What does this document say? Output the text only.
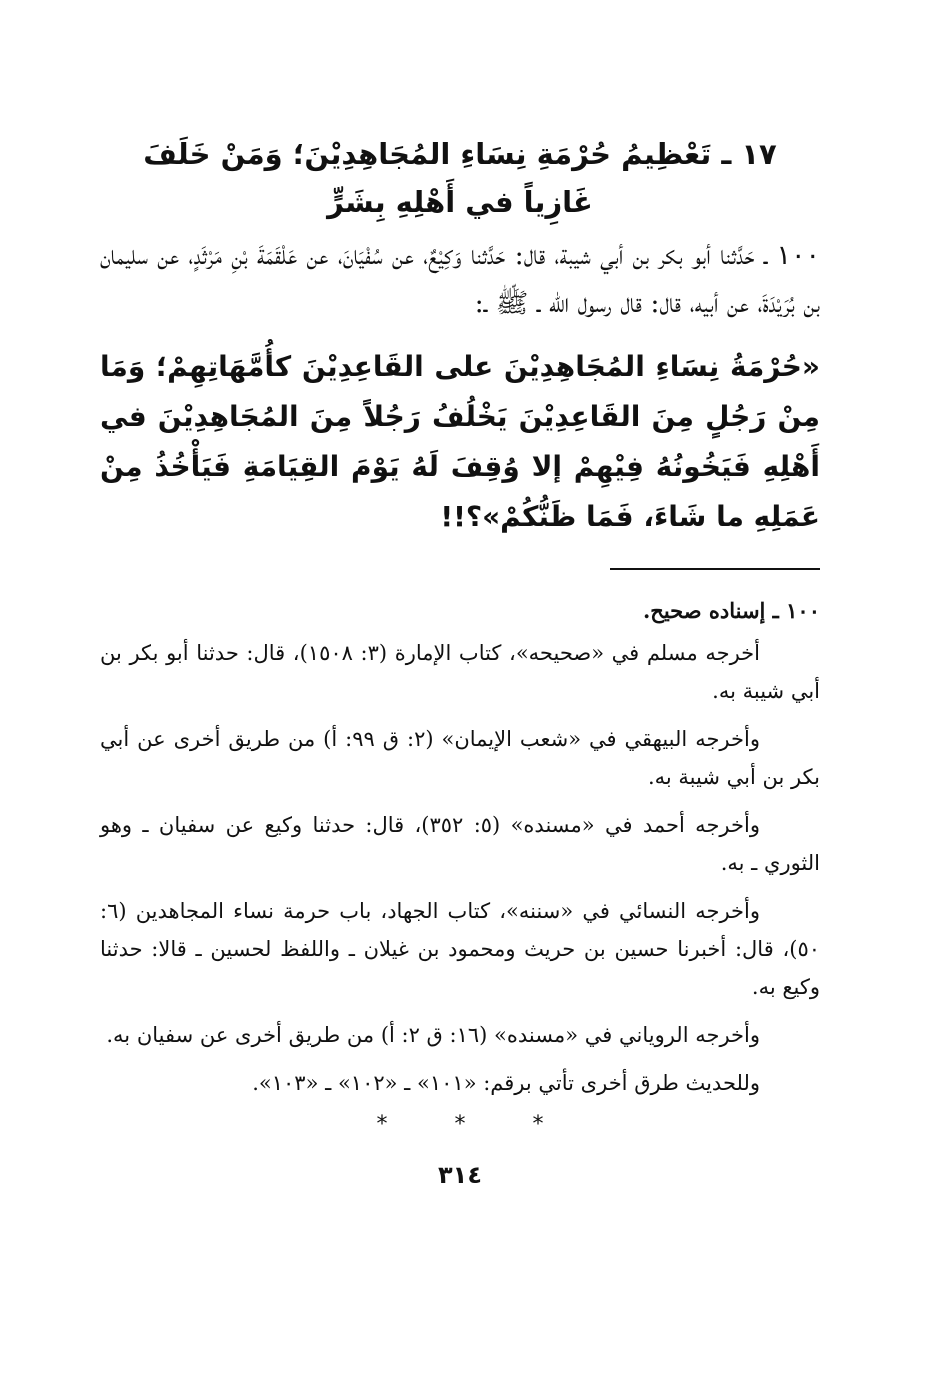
١٧ ـ تَعْظِيمُ حُرْمَةِ نِسَاءِ المُجَاهِدِيْنَ؛ وَمَنْ خَلَفَ
غَازِياً في أَهْلِهِ بِشَرٍّ

١٠٠ ـ حَدَّثنا أبو بكر بن أبي شيبة، قال: حَدَّثنا وَكِيْعٌ، عن سُفْيَانَ، عن عَلْقَمَةَ بْنِ مَرْثَدٍ، عن سليمان بن بُرَيْدَةَ، عن أبيه، قال: قال رسول الله ـ ﷺ ـ:

«حُرْمَةُ نِسَاءِ المُجَاهِدِيْنَ على القَاعِدِيْنَ كأُمَّهَاتِهِمْ؛ وَمَا مِنْ رَجُلٍ مِنَ القَاعِدِيْنَ يَخْلُفُ رَجُلاً مِنَ المُجَاهِدِيْنَ في أَهْلِهِ فَيَخُونُهُ فِيْهِمْ إلا وُقِفَ لَهُ يَوْمَ القِيَامَةِ فَيَأْخُذُ مِنْ عَمَلِهِ ما شَاءَ، فَمَا ظَنُّكُمْ»؟!!

١٠٠ ـ إسناده صحيح.

أخرجه مسلم في «صحيحه»، كتاب الإمارة (٣: ١٥٠٨)، قال: حدثنا أبو بكر بن أبي شيبة به.

وأخرجه البيهقي في «شعب الإيمان» (٢: ق ٩٩: أ) من طريق أخرى عن أبي بكر بن أبي شيبة به.

وأخرجه أحمد في «مسنده» (٥: ٣٥٢)، قال: حدثنا وكيع عن سفيان ـ وهو الثوري ـ به.

وأخرجه النسائي في «سننه»، كتاب الجهاد، باب حرمة نساء المجاهدين (٦: ٥٠)، قال: أخبرنا حسين بن حريث ومحمود بن غيلان ـ واللفظ لحسين ـ قالا: حدثنا وكيع به.

وأخرجه الروياني في «مسنده» (١٦: ق ٢: أ) من طريق أخرى عن سفيان به.

وللحديث طرق أخرى تأتي برقم: «١٠١» ـ «١٠٢» ـ «١٠٣».

* * *
٣١٤
